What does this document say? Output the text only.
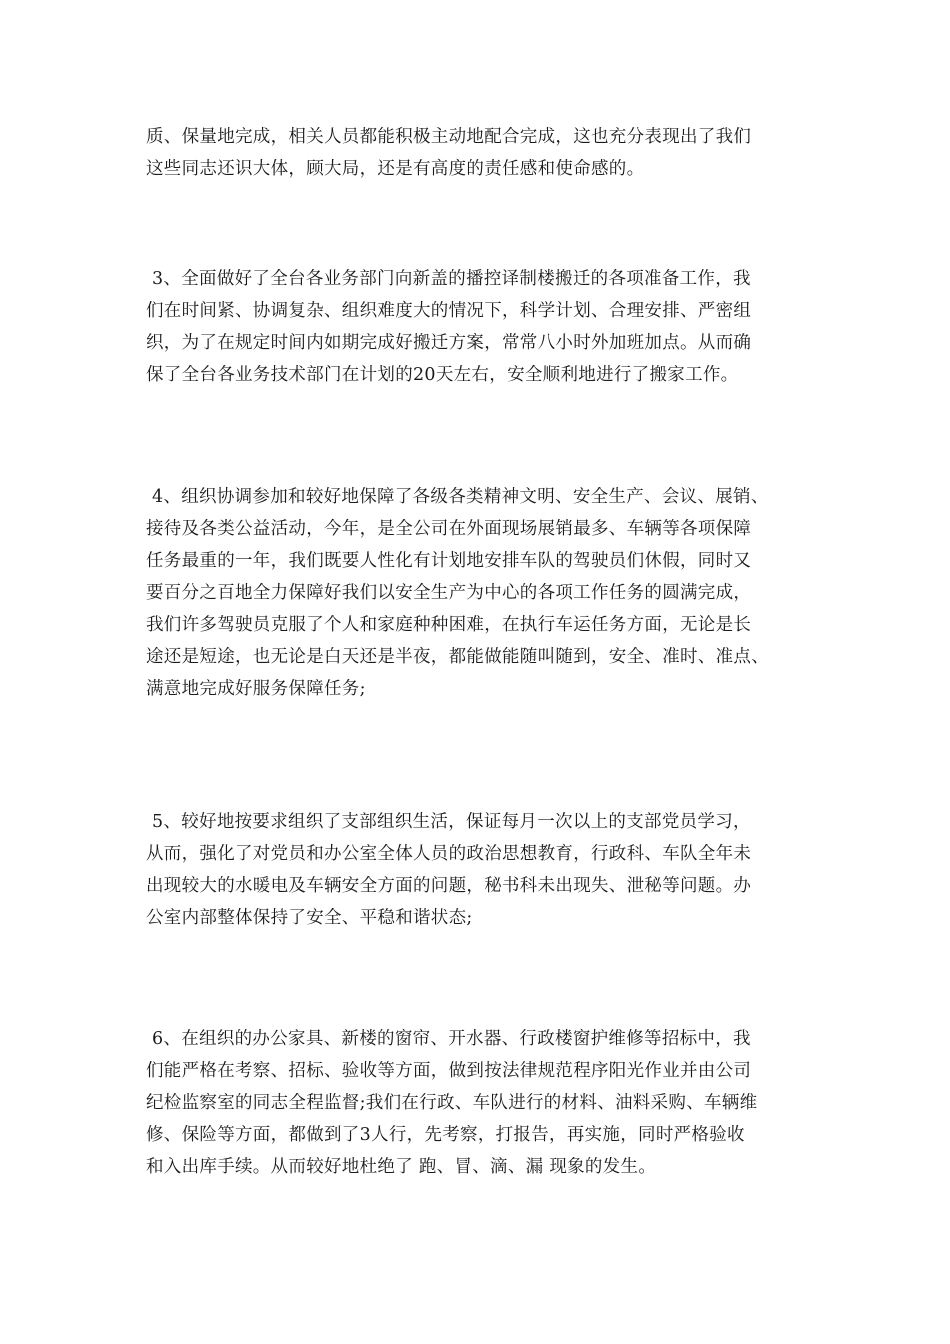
质、保量地完成，相关人员都能积极主动地配合完成，这也充分表现出了我们
这些同志还识大体，顾大局，还是有高度的责任感和使命感的。
3、全面做好了全台各业务部门向新盖的播控译制楼搬迁的各项准备工作，我
们在时间紧、协调复杂、组织难度大的情况下，科学计划、合理安排、严密组
织，为了在规定时间内如期完成好搬迁方案，常常八小时外加班加点。从而确
保了全台各业务技术部门在计划的20天左右，安全顺利地进行了搬家工作。
4、组织协调参加和较好地保障了各级各类精神文明、安全生产、会议、展销、
接待及各类公益活动，今年，是全公司在外面现场展销最多、车辆等各项保障
任务最重的一年，我们既要人性化有计划地安排车队的驾驶员们休假，同时又
要百分之百地全力保障好我们以安全生产为中心的各项工作任务的圆满完成，
我们许多驾驶员克服了个人和家庭种种困难，在执行车运任务方面，无论是长
途还是短途，也无论是白天还是半夜，都能做能随叫随到，安全、准时、准点、
满意地完成好服务保障任务;
5、较好地按要求组织了支部组织生活，保证每月一次以上的支部党员学习，
从而，强化了对党员和办公室全体人员的政治思想教育，行政科、车队全年未
出现较大的水暖电及车辆安全方面的问题，秘书科未出现失、泄秘等问题。办
公室内部整体保持了安全、平稳和谐状态;
6、在组织的办公家具、新楼的窗帘、开水器、行政楼窗护维修等招标中，我
们能严格在考察、招标、验收等方面，做到按法律规范程序阳光作业并由公司
纪检监察室的同志全程监督;我们在行政、车队进行的材料、油料采购、车辆维
修、保险等方面，都做到了3人行，先考察，打报告，再实施，同时严格验收
和入出库手续。从而较好地杜绝了 跑、冒、滴、漏 现象的发生。
